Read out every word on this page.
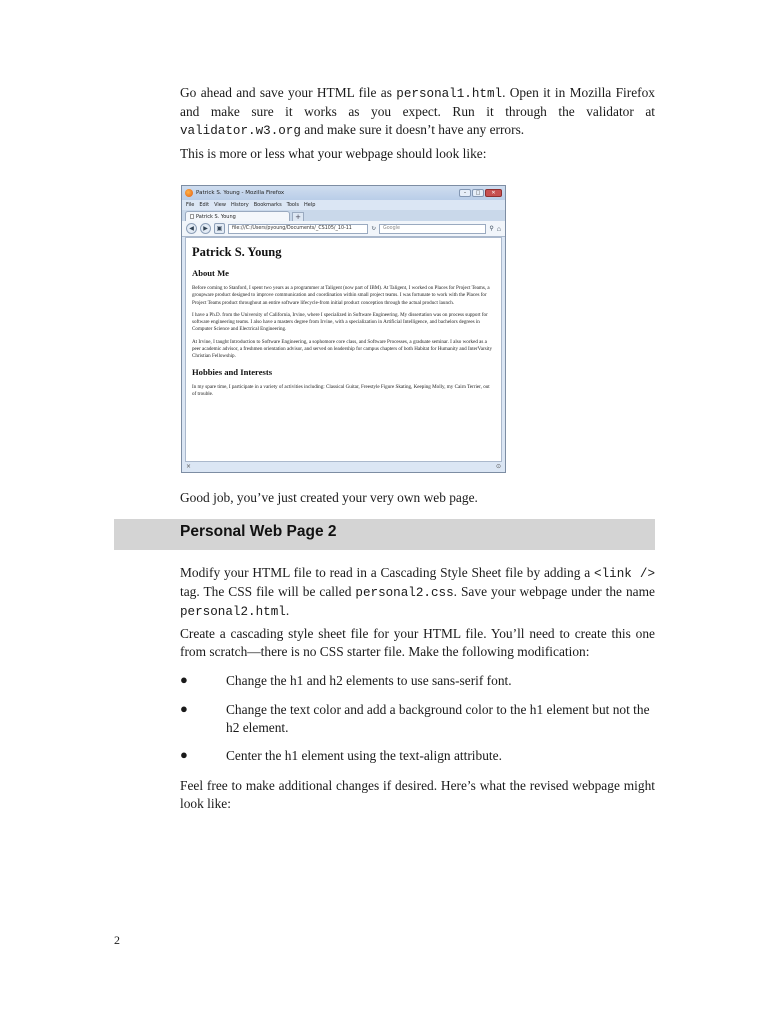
Go ahead and save your HTML file as personal1.html. Open it in Mozilla Firefox and make sure it works as you expect. Run it through the validator at validator.w3.org and make sure it doesn’t have any errors.

This is more or less what your webpage should look like:

Patrick S. Young - Mozilla Firefox	–	□	✕
File Edit View History Bookmarks Tools Help
Patrick S. Young	+
◀	▶	▣	file:///C:/Users/pyoung/Documents/_CS105/_10-11	↻	Google	⚲ ⌂
Patrick S. Young
About Me

Before coming to Stanford, I spent two years as a programmer at Taligent (now part of IBM). At Taligent, I worked on Places for Project Teams, a groupware product designed to improve communication and coordination within small project teams. I was fortunate to work with the Places for Project Teams product throughout an entire software lifecycle-from initial product conception through the actual product launch.

I have a Ph.D. from the University of California, Irvine, where I specialized in Software Engineering. My dissertation was on process support for software engineering teams. I also have a masters degree from Irvine, with a specialization in Artificial Intelligence, and bachelors degrees in Computer Science and Electrical Engineering.

At Irvine, I taught Introduction to Software Engineering, a sophomore core class, and Software Processes, a graduate seminar. I also worked as a peer academic advisor, a freshmen orientation advisor, and served on leadership for campus chapters of both Habitat for Humanity and InterVarsity Christian Fellowship.

Hobbies and Interests

In my spare time, I participate in a variety of activities including: Classical Guitar, Freestyle Figure Skating, Keeping Molly, my Cairn Terrier, out of trouble.

×	⊙

Good job, you’ve just created your very own web page.

Personal Web Page 2

Modify your HTML file to read in a Cascading Style Sheet file by adding a <link /> tag. The CSS file will be called personal2.css. Save your webpage under the name personal2.html.

Create a cascading style sheet file for your HTML file. You’ll need to create this one from scratch—there is no CSS starter file. Make the following modification:

●	Change the h1 and h2 elements to use sans-serif font.

●	Change the text color and add a background color to the h1 element but not the h2 element.

●	Center the h1 element using the text-align attribute.

Feel free to make additional changes if desired. Here’s what the revised webpage might look like:

2
